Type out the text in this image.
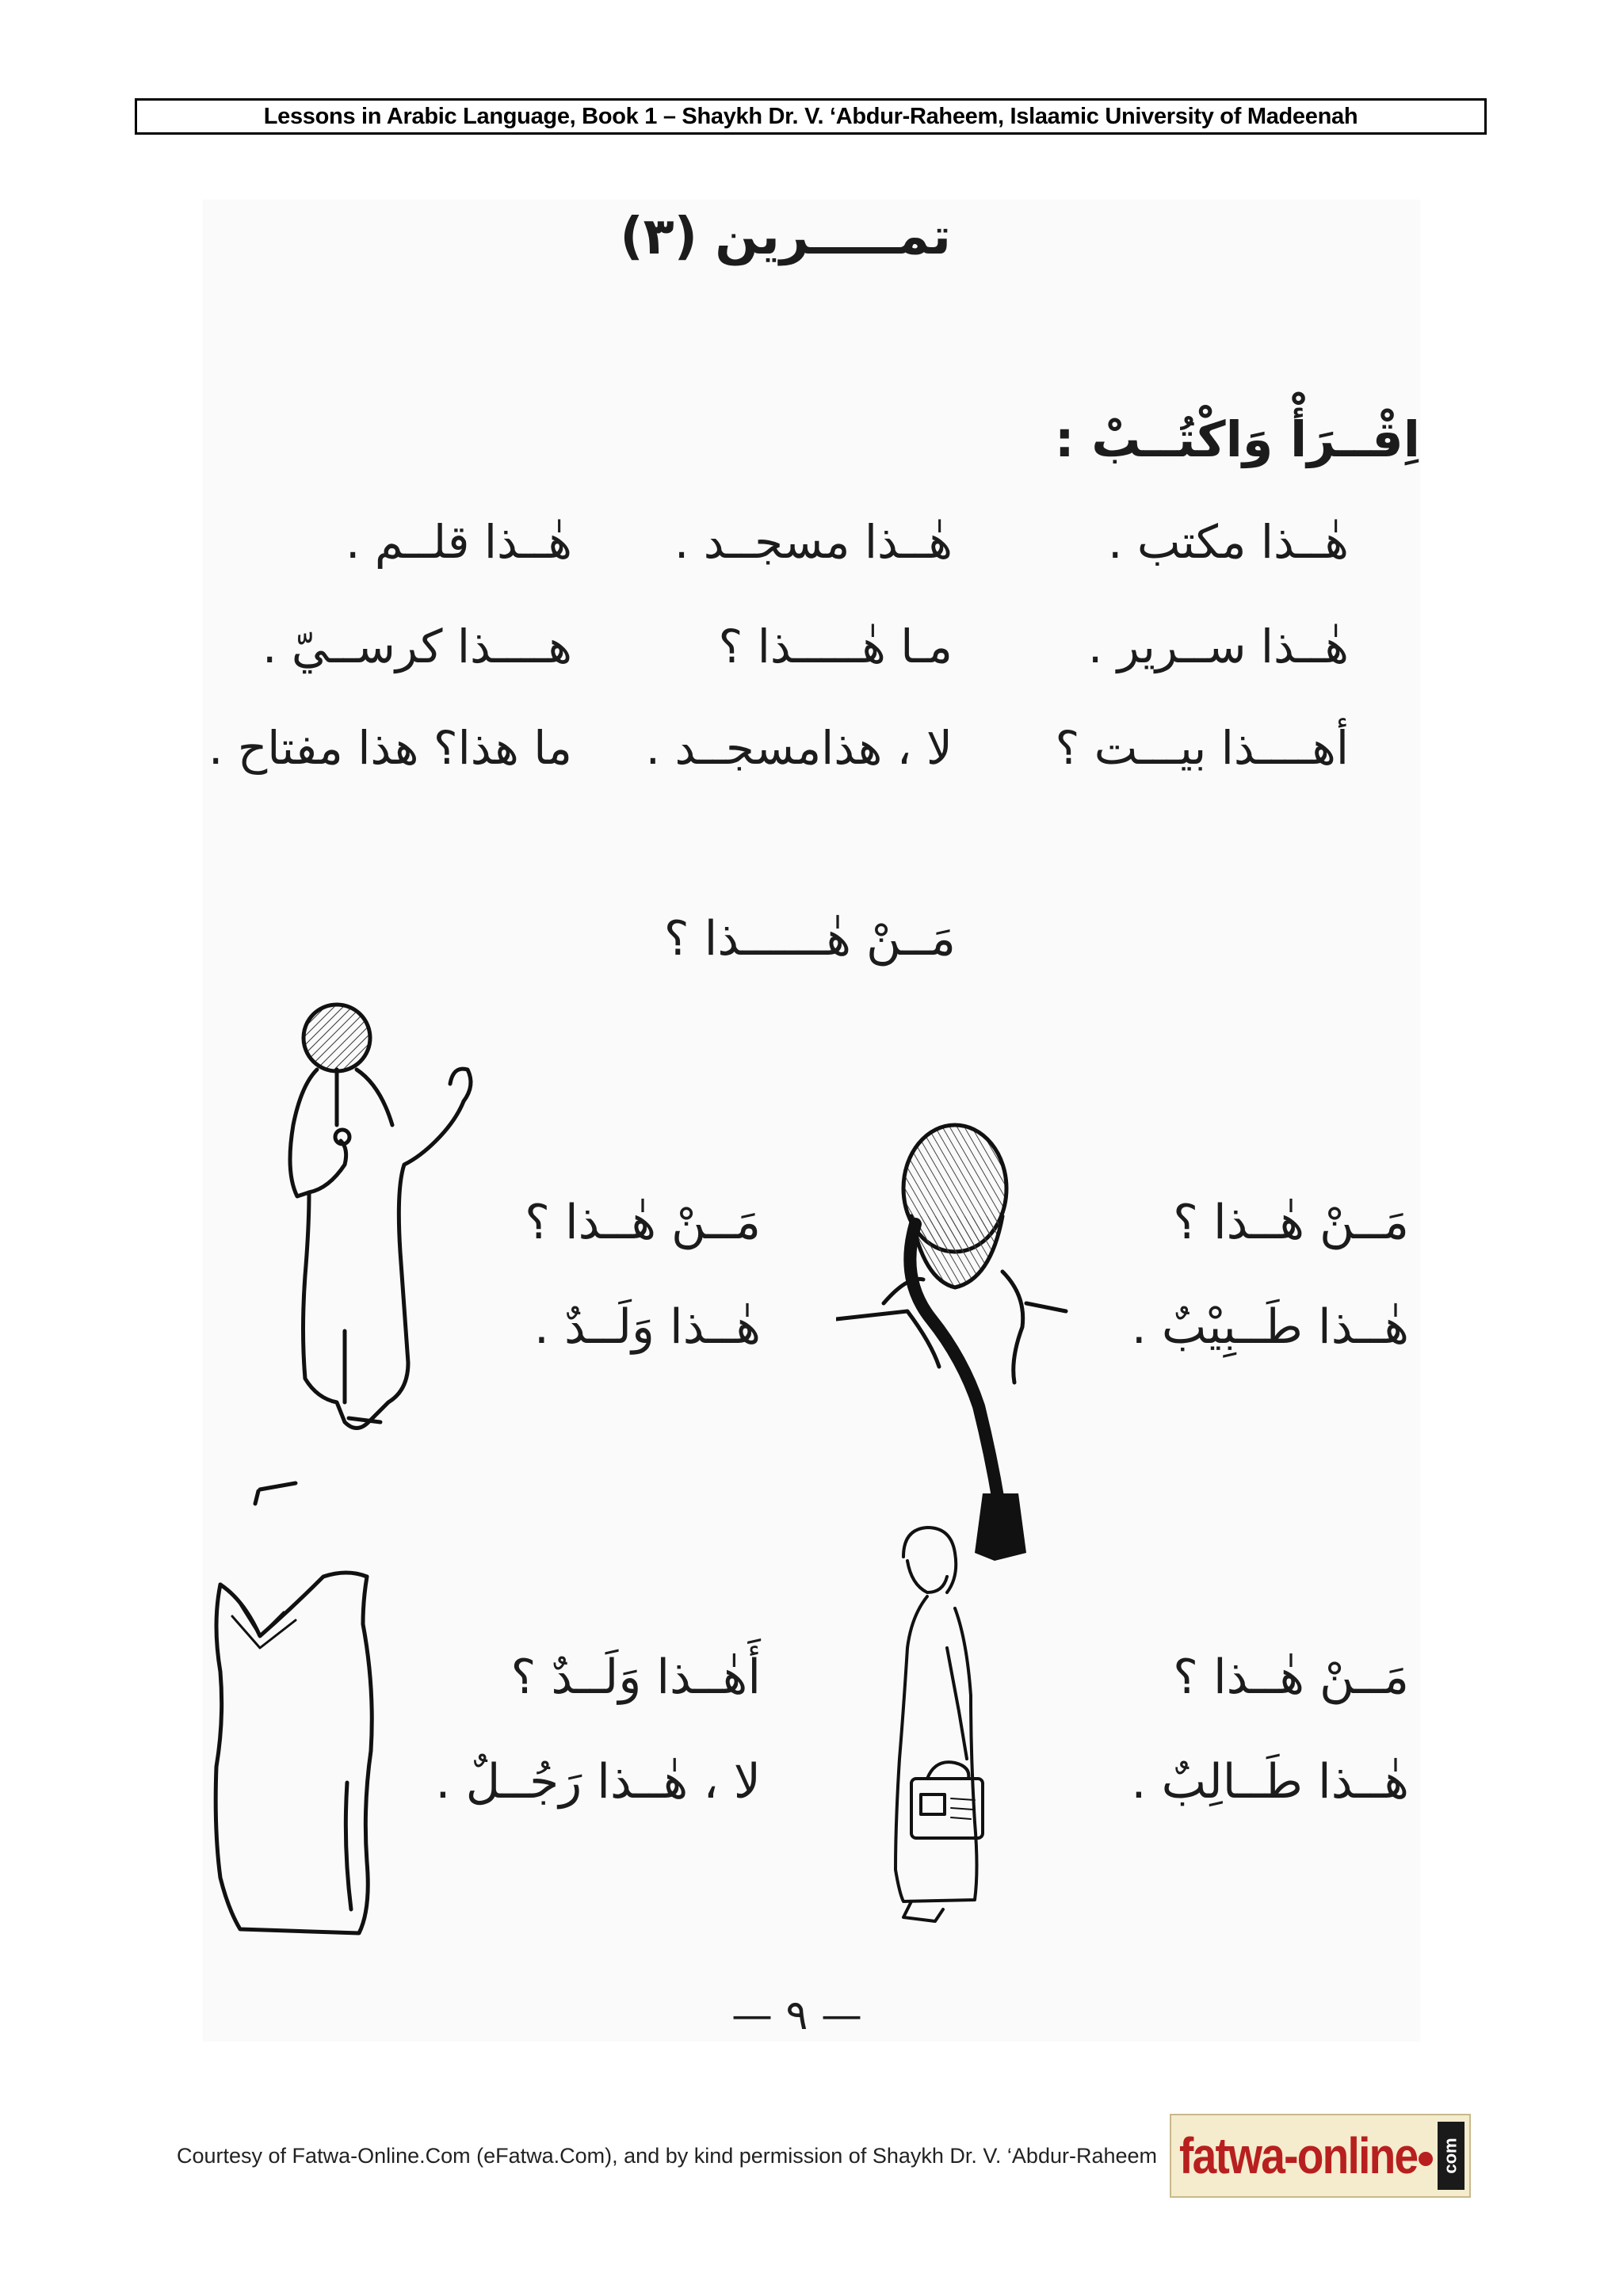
Lessons in Arabic Language, Book 1 – Shaykh Dr. V. ‘Abdur-Raheem, Islaamic University of Madeenah
تمـــــرين (٣)
اِقْــرَأْ وَاكْتُــبْ :
هٰــذا مكتب .
هٰــذا مسجــد .
هٰــذا قلــم .
هٰــذا ســرير .
مـا هٰـــــذا ؟
هــــذا كرســيّ .
أهــــذا بيـــت ؟
لا ، هذامسجــد .
ما هذا؟ هذا مفتاح .
مَــنْ هٰــــــذا ؟
مَــنْ هٰــذا ؟
هٰــذا طَــبِيْبٌ .
مَــنْ هٰــذا ؟
هٰــذا وَلَــدٌ .
مَــنْ هٰــذا ؟
هٰــذا طَــالِبٌ .
أَهٰــذا وَلَــدٌ ؟
لا ، هٰــذا رَجُــلٌ .
— ٩ —
Courtesy of Fatwa-Online.Com (eFatwa.Com), and by kind permission of Shaykh Dr. V. ‘Abdur-Raheem fatwa-online com
